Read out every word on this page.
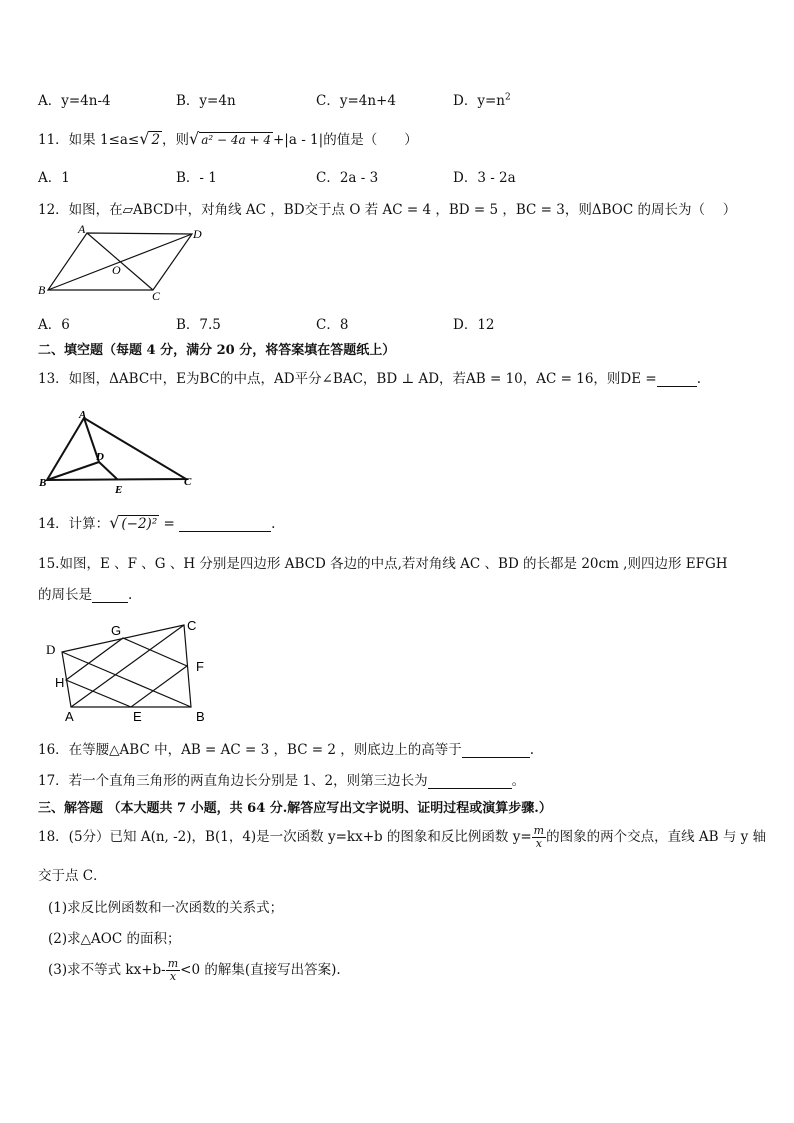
A．y=4n-4	B．y=4n	C．y=4n+4	D．$y=n^2$
11．如果 1≤a≤√ 2 ，则√ a² − 4a + 4 +|a - 1|的值是（　　）
A．1	B．- 1	C．2a - 3	D．3 - 2a
12．如图，在▱ABCD中，对角线 AC ，BD交于点 O 若 AC = 4 ，BD = 5 ，BC = 3，则ΔBOC 的周长为（　 ）
A	D
B	C
O
A．6	B．7.5	C．8	D．12
二、填空题（每题 4 分，满分 20 分，将答案填在答题纸上）
13．如图，ΔABC中，E为BC的中点，AD平分∠BAC，BD ⊥ AD，若AB = 10，AC = 16，则DE =	.
A
B	C
D
E
14．计算：√ (−2)² =	.
15.如图，E 、F 、G 、H 分别是四边形 ABCD 各边的中点,若对角线 AC 、BD 的长都是 20cm ,则四边形 EFGH
的周长是	.
D
G	C
H
F
A	E	B
16．在等腰△ABC 中，AB = AC = 3 ，BC = 2 ，则底边上的高等于	.
17．若一个直角三角形的两直角边长分别是 1、2，则第三边长为	。
三、解答题 （本大题共 7 小题，共 64 分.解答应写出文字说明、证明过程或演算步骤.）
18．(5分）已知 A(n, -2)，B(1，4)是一次函数 y=kx+b 的图象和反比例函数 $y= \frac{m}{x}$ 的图象的两个交点，直线 AB 与 y 轴
交于点 C．
(1)求反比例函数和一次函数的关系式；
(2)求△AOC 的面积；
(3)求不等式 $kx+b- \frac{m}{x} <0$ 的解集(直接写出答案).
